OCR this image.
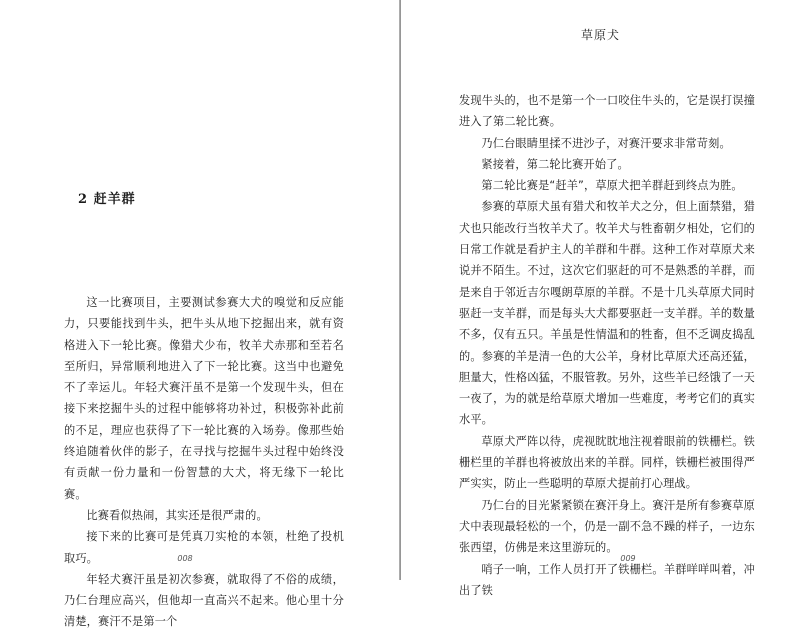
2 赶羊群

这一比赛项目，主要测试参赛大犬的嗅觉和反应能力，只要能找到牛头，把牛头从地下挖掘出来，就有资格进入下一轮比赛。像猎犬少布，牧羊犬赤那和至若名至所归，异常顺利地进入了下一轮比赛。这当中也避免不了幸运儿。年轻犬赛汗虽不是第一个发现牛头，但在接下来挖掘牛头的过程中能够将功补过，积极弥补此前的不足，理应也获得了下一轮比赛的入场券。像那些始终追随着伙伴的影子，在寻找与挖掘牛头过程中始终没有贡献一份力量和一份智慧的大犬，将无缘下一轮比赛。

比赛看似热闹，其实还是很严肃的。

接下来的比赛可是凭真刀实枪的本领，杜绝了投机取巧。

年轻犬赛汗虽是初次参赛，就取得了不俗的成绩，乃仁台理应高兴，但他却一直高兴不起来。他心里十分清楚，赛汗不是第一个

008
草原犬

发现牛头的，也不是第一个一口咬住牛头的，它是误打误撞进入了第二轮比赛。

乃仁台眼睛里揉不进沙子，对赛汗要求非常苛刻。

紧接着，第二轮比赛开始了。

第二轮比赛是“赶羊”，草原犬把羊群赶到终点为胜。

参赛的草原犬虽有猎犬和牧羊犬之分，但上面禁猎，猎犬也只能改行当牧羊犬了。牧羊犬与牲畜朝夕相处，它们的日常工作就是看护主人的羊群和牛群。这种工作对草原犬来说并不陌生。不过，这次它们驱赶的可不是熟悉的羊群，而是来自于邻近吉尔嘎朗草原的羊群。不是十几头草原犬同时驱赶一支羊群，而是每头大犬都要驱赶一支羊群。羊的数量不多，仅有五只。羊虽是性情温和的牲畜，但不乏调皮捣乱的。参赛的羊是清一色的大公羊，身材比草原犬还高还猛，胆量大，性格凶猛，不服管教。另外，这些羊已经饿了一天一夜了，为的就是给草原犬增加一些难度，考考它们的真实水平。

草原犬严阵以待，虎视眈眈地注视着眼前的铁栅栏。铁栅栏里的羊群也将被放出来的羊群。同样，铁栅栏被围得严严实实，防止一些聪明的草原犬提前打心理战。

乃仁台的目光紧紧锁在赛汗身上。赛汗是所有参赛草原犬中表现最轻松的一个，仍是一副不急不躁的样子，一边东张西望，仿佛是来这里游玩的。

哨子一响，工作人员打开了铁栅栏。羊群咩咩叫着，冲出了铁

009
